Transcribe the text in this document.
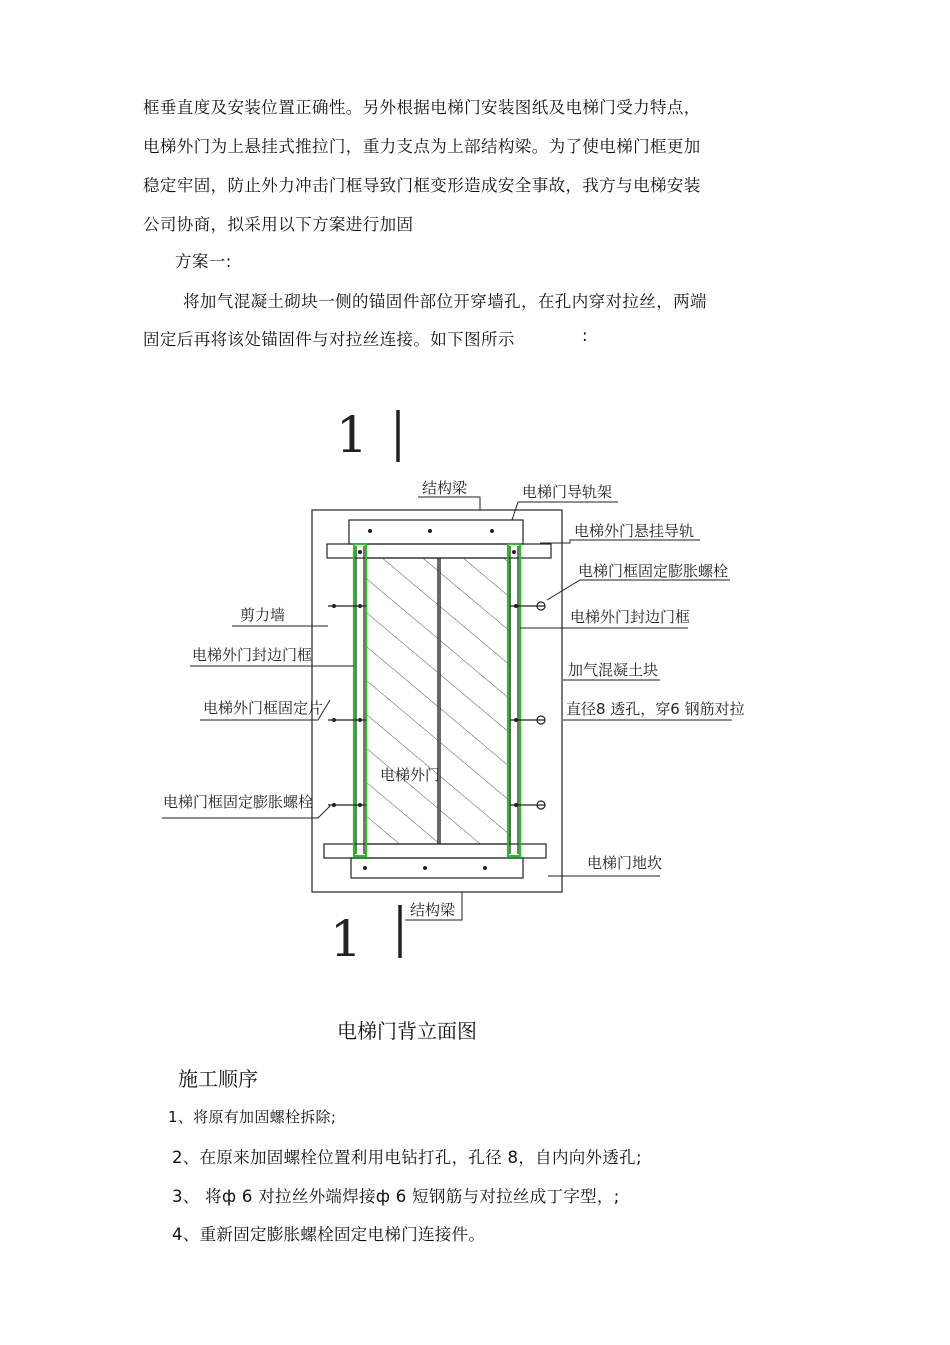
框垂直度及安装位置正确性。另外根据电梯门安装图纸及电梯门受力特点，
电梯外门为上悬挂式推拉门，重力支点为上部结构梁。为了使电梯门框更加
稳定牢固，防止外力冲击门框导致门框变形造成安全事故，我方与电梯安装
公司协商，拟采用以下方案进行加固
方案一:
将加气混凝土砌块一侧的锚固件部位开穿墙孔，在孔内穿对拉丝，两端
固定后再将该处锚固件与对拉丝连接。如下图所示	:
1
1
结构梁	电梯门导轨架
电梯外门悬挂导轨
电梯门框固定膨胀螺栓
电梯外门封边门框
剪力墙
电梯外门封边门框
加气混凝土块
电梯外门框固定片	直径8 透孔，穿6 钢筋对拉
电梯外门
电梯门框固定膨胀螺栓
电梯门地坎
结构梁
电梯门背立面图
施工顺序
1、将原有加固螺栓拆除;
2、在原来加固螺栓位置利用电钻打孔，孔径 8，自内向外透孔;
3、 将ф 6 对拉丝外端焊接ф 6 短钢筋与对拉丝成丁字型，;
4、重新固定膨胀螺栓固定电梯门连接件。
